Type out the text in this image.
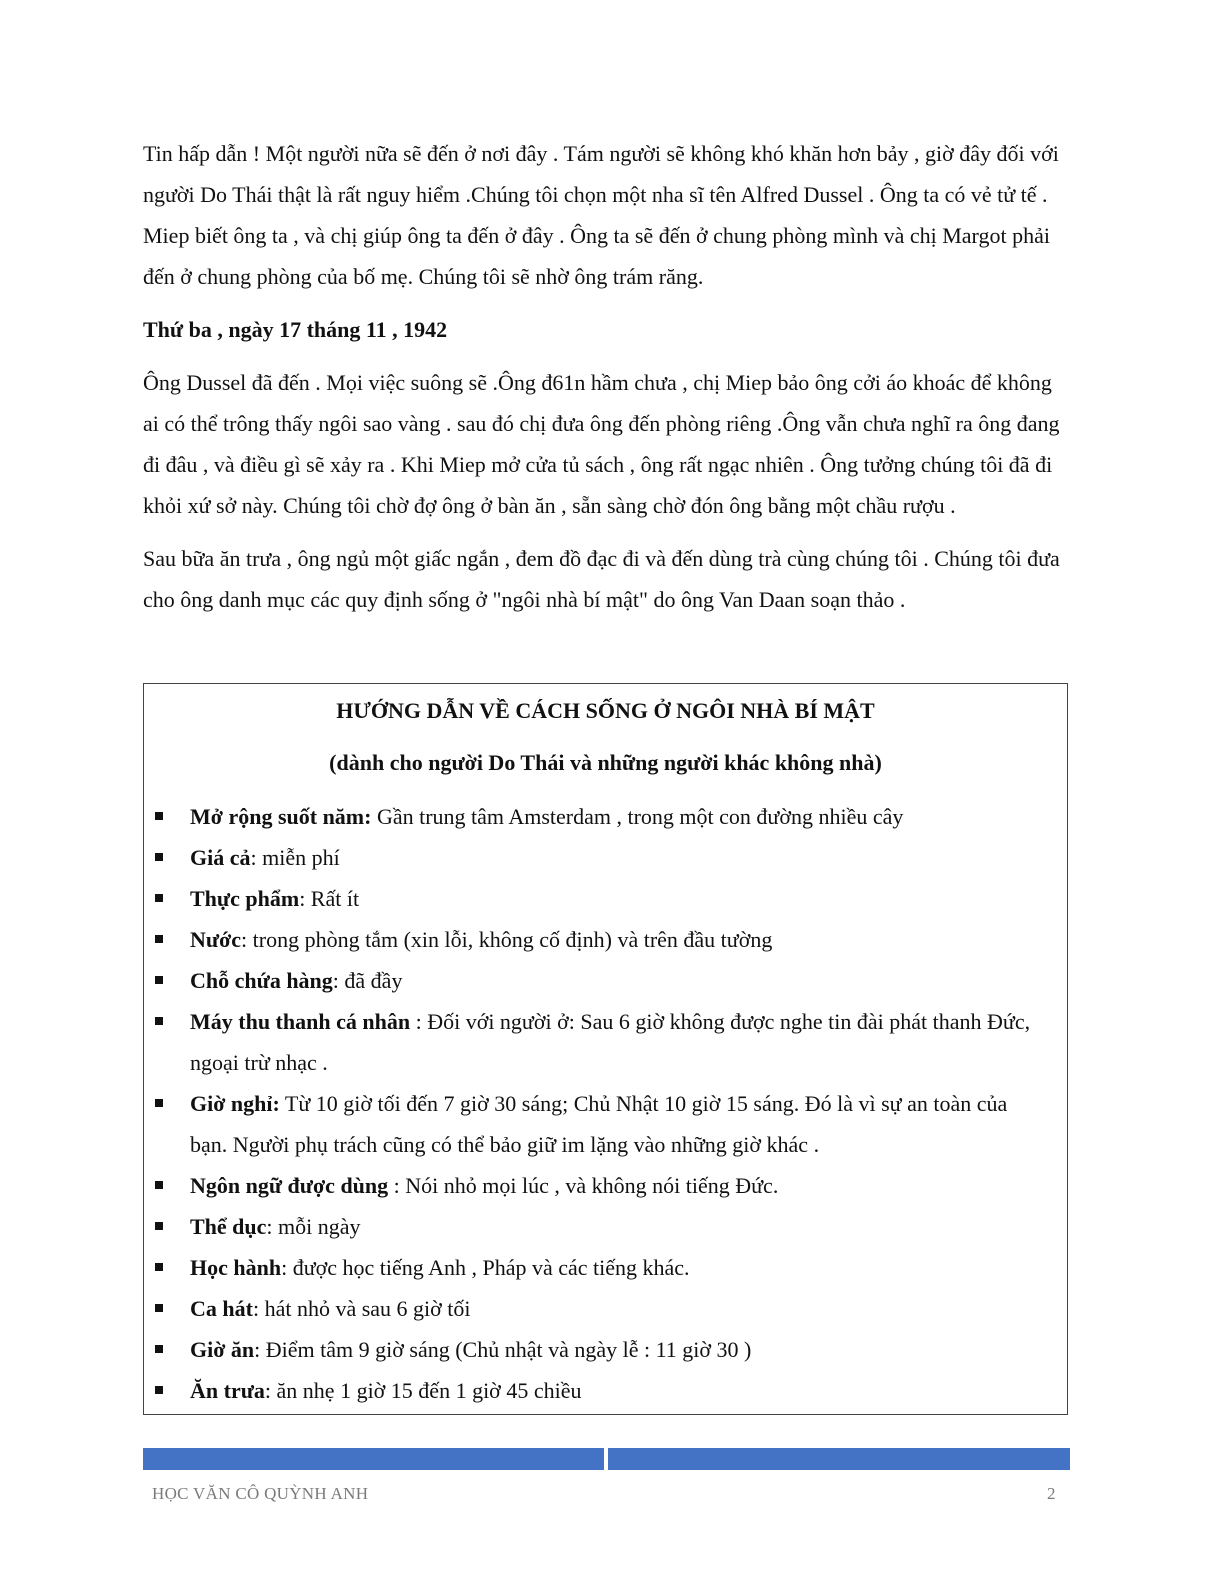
Tin hấp dẫn ! Một người nữa sẽ đến ở nơi đây . Tám người sẽ không khó khăn hơn bảy , giờ đây đối với người Do Thái thật là rất nguy hiểm .Chúng tôi chọn một nha sĩ tên Alfred Dussel . Ông ta có vẻ tử tế . Miep biết ông ta , và chị giúp ông ta đến ở đây . Ông ta sẽ đến ở chung phòng mình và chị Margot phải đến ở chung phòng của bố mẹ. Chúng tôi sẽ nhờ ông trám răng.

Thứ ba , ngày 17 tháng 11 , 1942

Ông Dussel đã đến . Mọi việc suông sẽ .Ông đ61n hầm chưa , chị Miep bảo ông cởi áo khoác để không ai có thể trông thấy ngôi sao vàng . sau đó chị đưa ông đến phòng riêng .Ông vẫn chưa nghĩ ra ông đang đi đâu , và điều gì sẽ xảy ra . Khi Miep mở cửa tủ sách , ông rất ngạc nhiên . Ông tưởng chúng tôi đã đi khỏi xứ sở này. Chúng tôi chờ đợ ông ở bàn ăn , sẵn sàng chờ đón ông bằng một chầu rượu .

Sau bữa ăn trưa , ông ngủ một giấc ngắn , đem đồ đạc đi và đến dùng trà cùng chúng tôi . Chúng tôi đưa cho ông danh mục các quy định sống ở "ngôi nhà bí mật" do ông Van Daan soạn thảo .

HƯỚNG DẪN VỀ CÁCH SỐNG Ở NGÔI NHÀ BÍ MẬT
(dành cho người Do Thái và những người khác không nhà)
Mở rộng suốt năm: Gần trung tâm Amsterdam , trong một con đường nhiều cây
Giá cả: miễn phí
Thực phẩm: Rất ít
Nước: trong phòng tắm (xin lỗi, không cố định) và trên đầu tường
Chỗ chứa hàng: đã đầy
Máy thu thanh cá nhân : Đối với người ở: Sau 6 giờ không được nghe tin đài phát thanh Đức, ngoại trừ nhạc .
Giờ nghỉ: Từ 10 giờ tối đến 7 giờ 30 sáng; Chủ Nhật 10 giờ 15 sáng. Đó là vì sự an toàn của bạn. Người phụ trách cũng có thể bảo giữ im lặng vào những giờ khác .
Ngôn ngữ được dùng : Nói nhỏ mọi lúc , và không nói tiếng Đức.
Thể dục: mỗi ngày
Học hành: được học tiếng Anh , Pháp và các tiếng khác.
Ca hát: hát nhỏ và sau 6 giờ tối
Giờ ăn: Điểm tâm 9 giờ sáng (Chủ nhật và ngày lễ : 11 giờ 30 )
Ăn trưa: ăn nhẹ 1 giờ 15 đến 1 giờ 45 chiều
HỌC VĂN CÔ QUỲNH ANH	2
